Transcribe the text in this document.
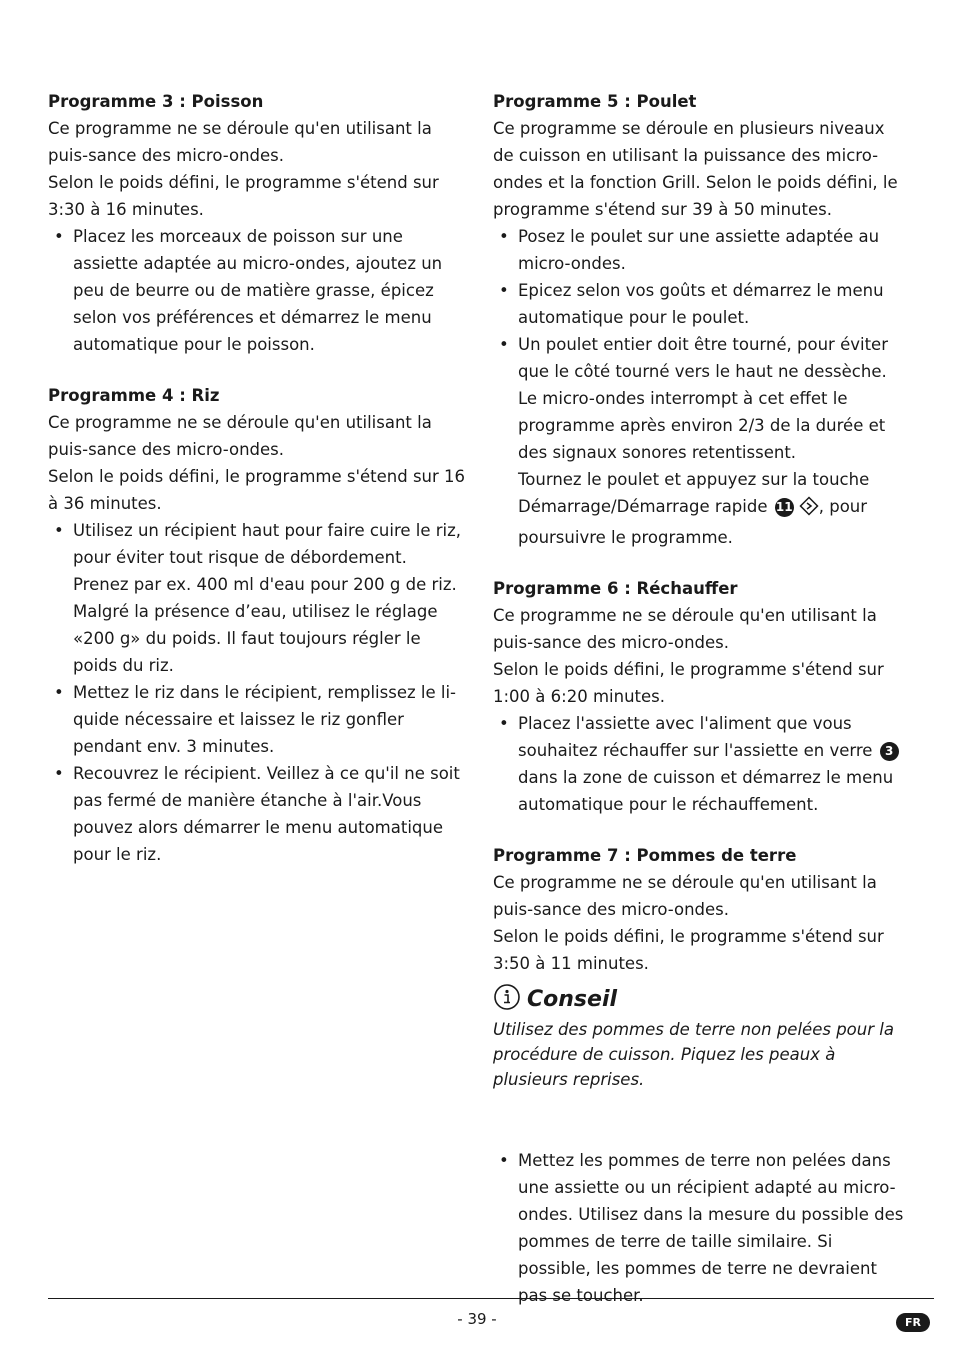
Programme 3 : Poisson

Ce programme ne se déroule qu'en utilisant la puis-sance des micro-ondes.

Selon le poids défini, le programme s'étend sur 3:30 à 16 minutes.

• Placez les morceaux de poisson sur une assiette adaptée au micro-ondes, ajoutez un peu de beurre ou de matière grasse, épicez selon vos préférences et démarrez le menu automatique pour le poisson.

Programme 4 : Riz

Ce programme ne se déroule qu'en utilisant la puis-sance des micro-ondes.

Selon le poids défini, le programme s'étend sur 16 à 36 minutes.

• Utilisez un récipient haut pour faire cuire le riz, pour éviter tout risque de débordement. Prenez par ex. 400 ml d'eau pour 200 g de riz. Malgré la présence d’eau, utilisez le réglage «200 g» du poids. Il faut toujours régler le poids du riz.
• Mettez le riz dans le récipient, remplissez le li-quide nécessaire et laissez le riz gonfler pendant env. 3 minutes.
• Recouvrez le récipient. Veillez à ce qu'il ne soit pas fermé de manière étanche à l'air.Vous pouvez alors démarrer le menu automatique pour le riz.

Programme 5 : Poulet

Ce programme se déroule en plusieurs niveaux de cuisson en utilisant la puissance des micro-ondes et la fonction Grill. Selon le poids défini, le programme s'étend sur 39 à 50 minutes.

• Posez le poulet sur une assiette adaptée au micro-ondes.
• Epicez selon vos goûts et démarrez le menu automatique pour le poulet.
• Un poulet entier doit être tourné, pour éviter que le côté tourné vers le haut ne dessèche. Le micro-ondes interrompt à cet effet le programme après environ 2/3 de la durée et des signaux sonores retentissent.

Tournez le poulet et appuyez sur la touche Démarrage/Démarrage rapide 11 , pour poursuivre le programme.

Programme 6 : Réchauffer

Ce programme ne se déroule qu'en utilisant la puis-sance des micro-ondes.

Selon le poids défini, le programme s'étend sur 1:00 à 6:20 minutes.

• Placez l'assiette avec l'aliment que vous souhaitez réchauffer sur l'assiette en verre 3 dans la zone de cuisson et démarrez le menu automatique pour le réchauffement.

Programme 7 : Pommes de terre

Ce programme ne se déroule qu'en utilisant la puis-sance des micro-ondes.

Selon le poids défini, le programme s'étend sur 3:50 à 11 minutes.

Conseil

Utilisez des pommes de terre non pelées pour la procédure de cuisson. Piquez les peaux à plusieurs reprises.

• Mettez les pommes de terre non pelées dans une assiette ou un récipient adapté au micro-ondes. Utilisez dans la mesure du possible des pommes de terre de taille similaire. Si possible, les pommes de terre ne devraient pas se toucher.
- 39 -	FR
